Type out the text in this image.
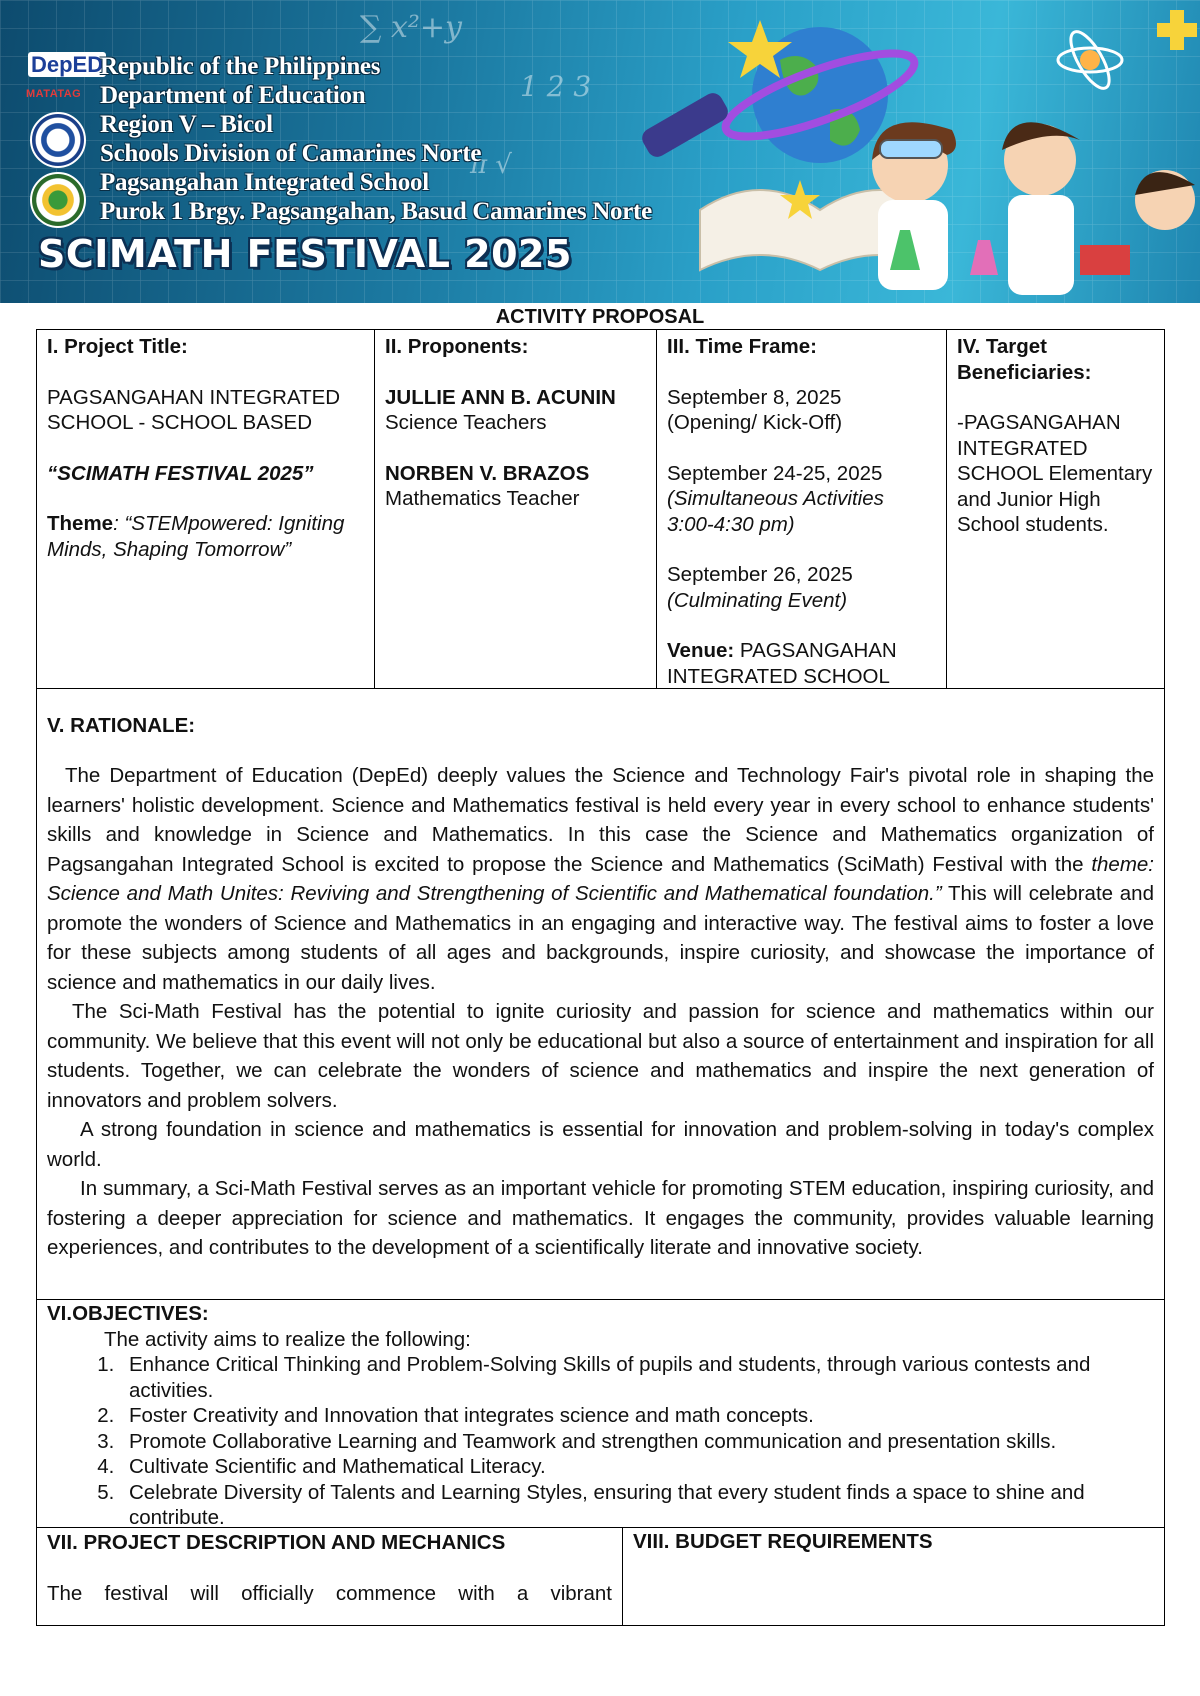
∑ x²+y
1 2 3
π √
DepED
MATATAG
Republic of the Philippines
Department of Education
Region V – Bicol
Schools Division of Camarines Norte
Pagsangahan Integrated School
Purok 1 Brgy. Pagsangahan, Basud Camarines Norte
SCIMATH FESTIVAL 2025
ACTIVITY PROPOSAL
I. Project Title:
PAGSANGAHAN INTEGRATED SCHOOL - SCHOOL BASED
“SCIMATH FESTIVAL 2025”
Theme: “STEMpowered: Igniting Minds, Shaping Tomorrow”
II. Proponents:
JULLIE ANN B. ACUNIN
Science Teachers
NORBEN V. BRAZOS
Mathematics Teacher
III. Time Frame:
September 8, 2025
(Opening/ Kick-Off)
September 24-25, 2025
(Simultaneous Activities 3:00-4:30 pm)
September 26, 2025
(Culminating Event)
Venue: PAGSANGAHAN INTEGRATED SCHOOL
IV. Target Beneficiaries:
-PAGSANGAHAN INTEGRATED SCHOOL Elementary and Junior High School students.
V. RATIONALE:

The Department of Education (DepEd) deeply values the Science and Technology Fair's pivotal role in shaping the learners' holistic development. Science and Mathematics festival is held every year in every school to enhance students' skills and knowledge in Science and Mathematics. In this case the Science and Mathematics organization of Pagsangahan Integrated School is excited to propose the Science and Mathematics (SciMath) Festival with the theme: Science and Math Unites: Reviving and Strengthening of Scientific and Mathematical foundation.” This will celebrate and promote the wonders of Science and Mathematics in an engaging and interactive way. The festival aims to foster a love for these subjects among students of all ages and backgrounds, inspire curiosity, and showcase the importance of science and mathematics in our daily lives.

The Sci-Math Festival has the potential to ignite curiosity and passion for science and mathematics within our community. We believe that this event will not only be educational but also a source of entertainment and inspiration for all students. Together, we can celebrate the wonders of science and mathematics and inspire the next generation of innovators and problem solvers.

A strong foundation in science and mathematics is essential for innovation and problem-solving in today's complex world.

In summary, a Sci-Math Festival serves as an important vehicle for promoting STEM education, inspiring curiosity, and fostering a deeper appreciation for science and mathematics. It engages the community, provides valuable learning experiences, and contributes to the development of a scientifically literate and innovative society.

VI.OBJECTIVES:
The activity aims to realize the following:
1. Enhance Critical Thinking and Problem-Solving Skills of pupils and students, through various contests and activities.
2. Foster Creativity and Innovation that integrates science and math concepts.
3. Promote Collaborative Learning and Teamwork and strengthen communication and presentation skills.
4. Cultivate Scientific and Mathematical Literacy.
5. Celebrate Diversity of Talents and Learning Styles, ensuring that every student finds a space to shine and contribute.
VII. PROJECT DESCRIPTION AND MECHANICS
The festival will officially commence with a vibrant
VIII. BUDGET REQUIREMENTS
